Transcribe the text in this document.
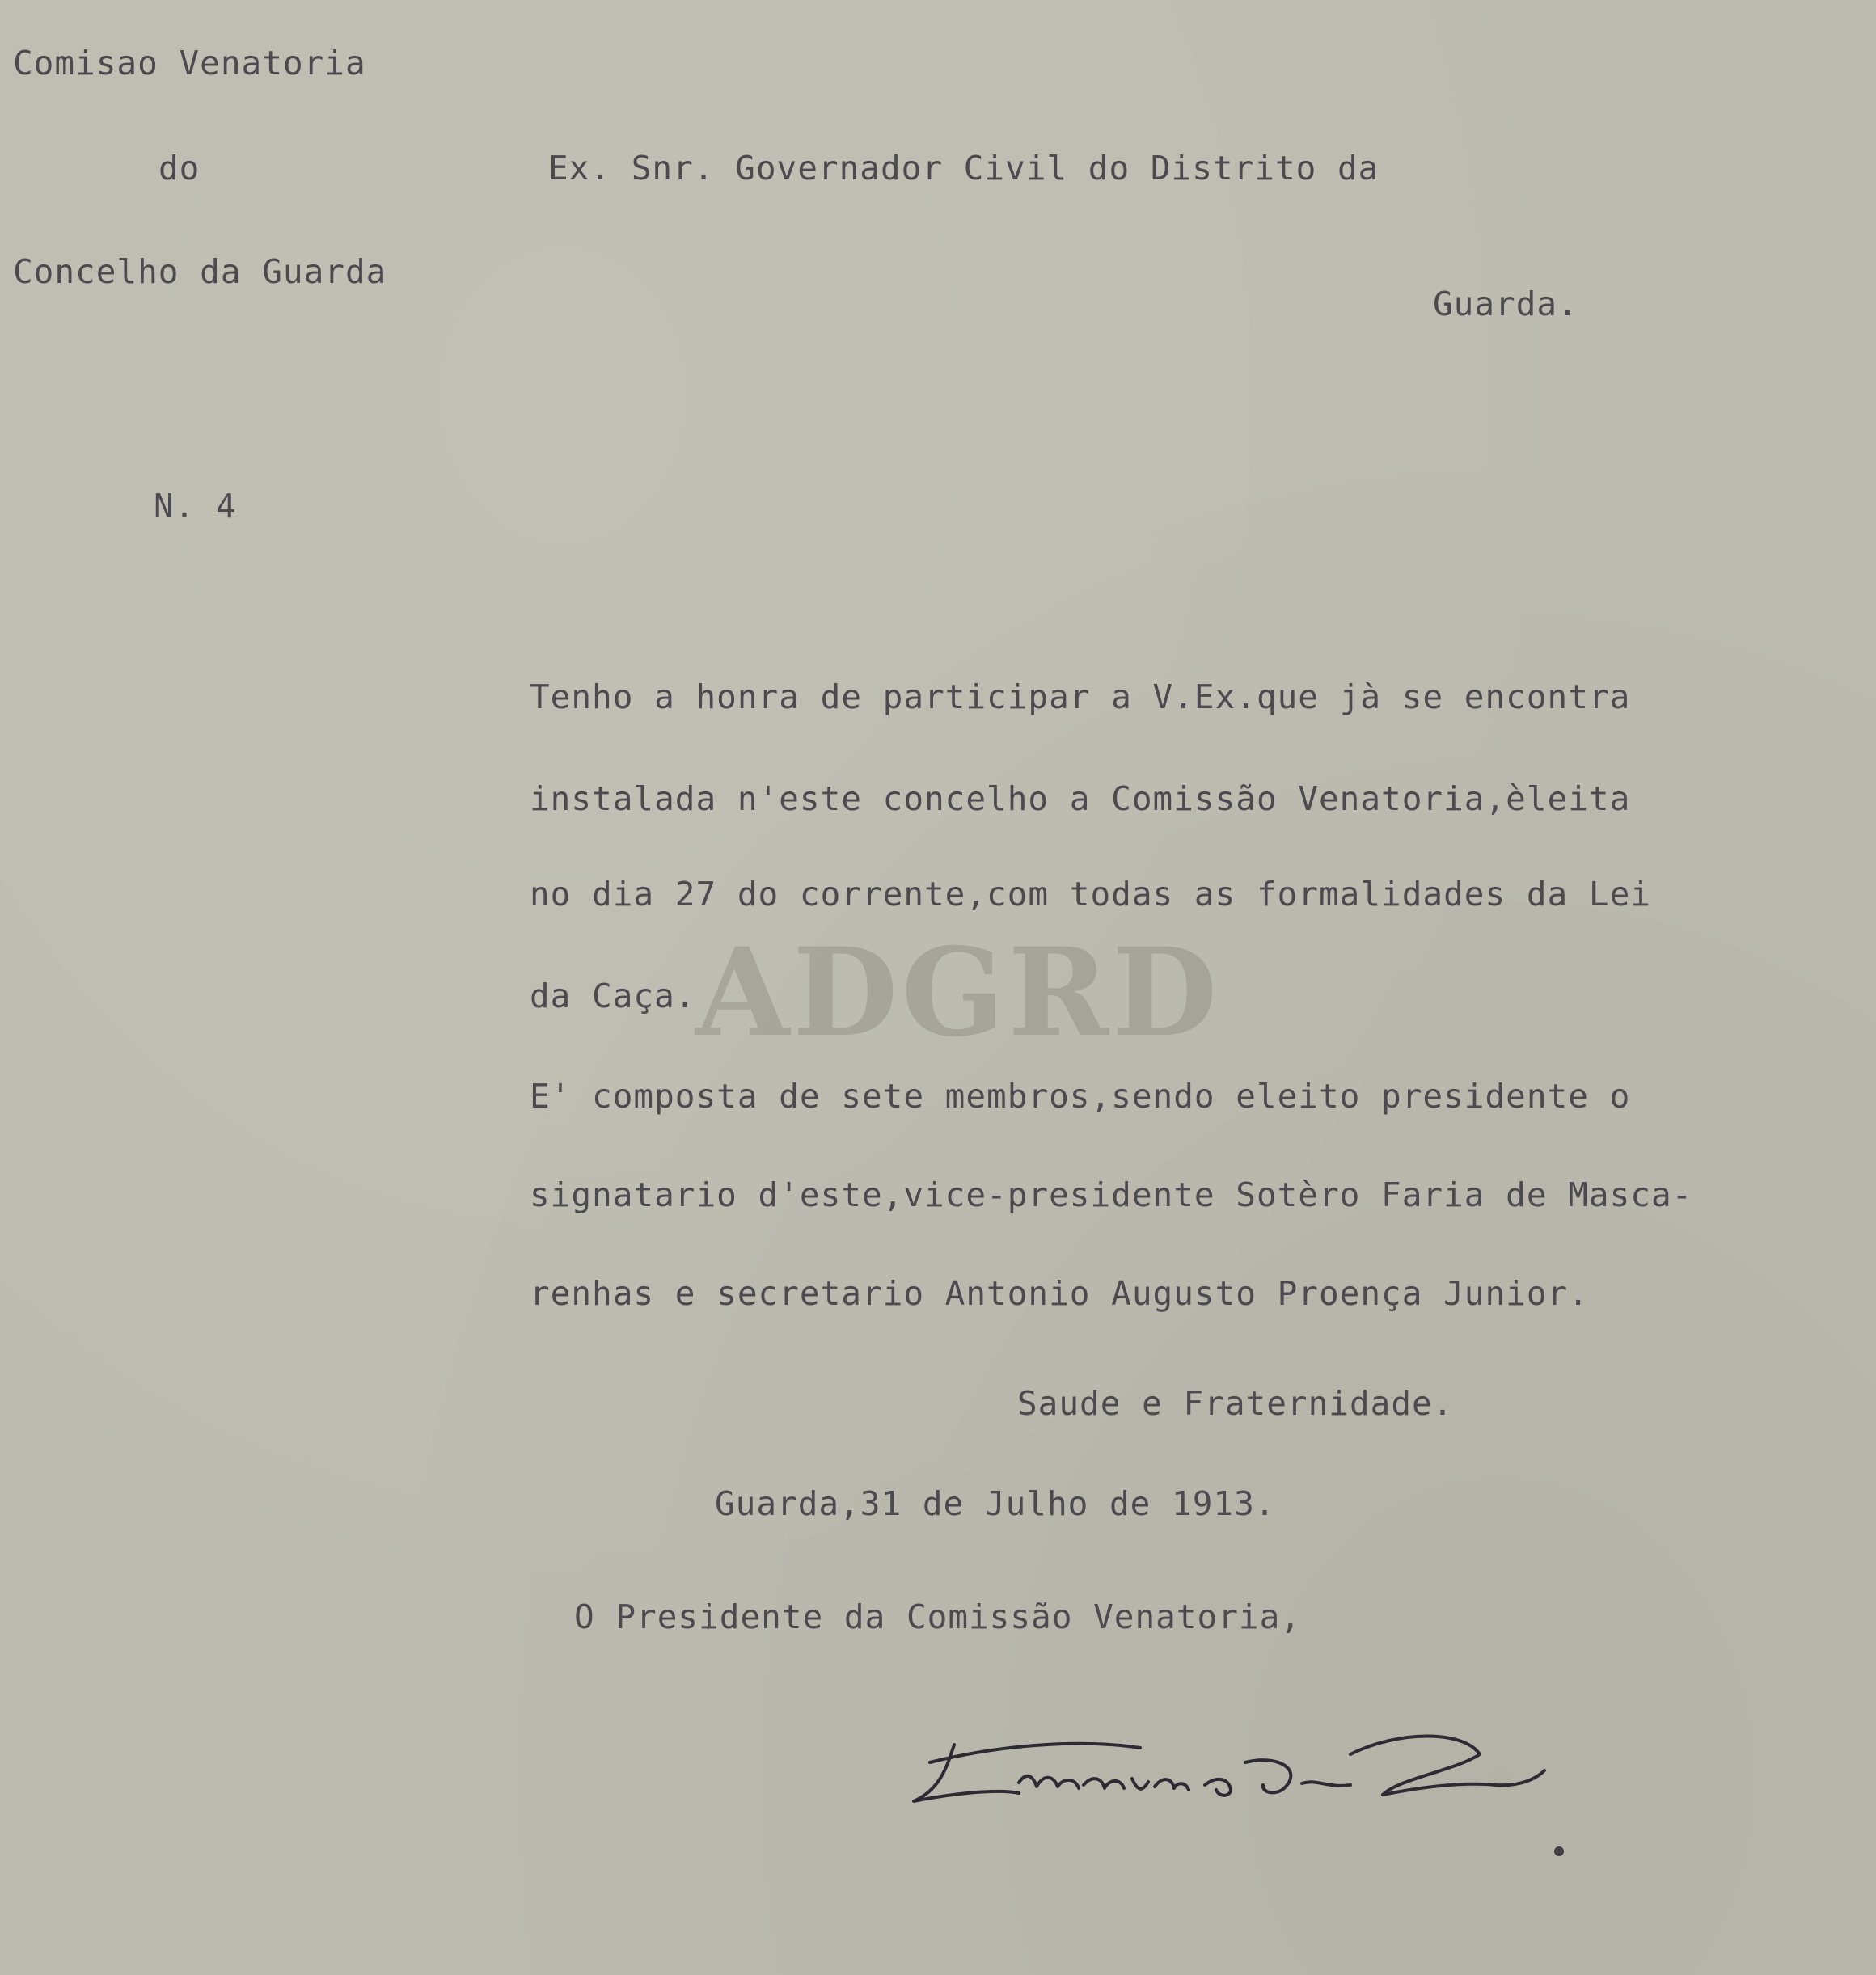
Comisao Venatoria
do
Concelho da Guarda
Ex. Snr. Governador Civil do Distrito da
Guarda.
N. 4
Tenho a honra de participar a V.Ex.que jà se encontra
instalada n'este concelho a Comissão Venatoria,èleita
no dia 27 do corrente,com todas as formalidades da Lei
da Caça.
E' composta de sete membros,sendo eleito presidente o
signatario d'este,vice-presidente Sotèro Faria de Masca-
renhas e secretario Antonio Augusto Proença Junior.
Saude e Fraternidade.
Guarda,31 de Julho de 1913.
O Presidente da Comissão Venatoria,
ADGRD
